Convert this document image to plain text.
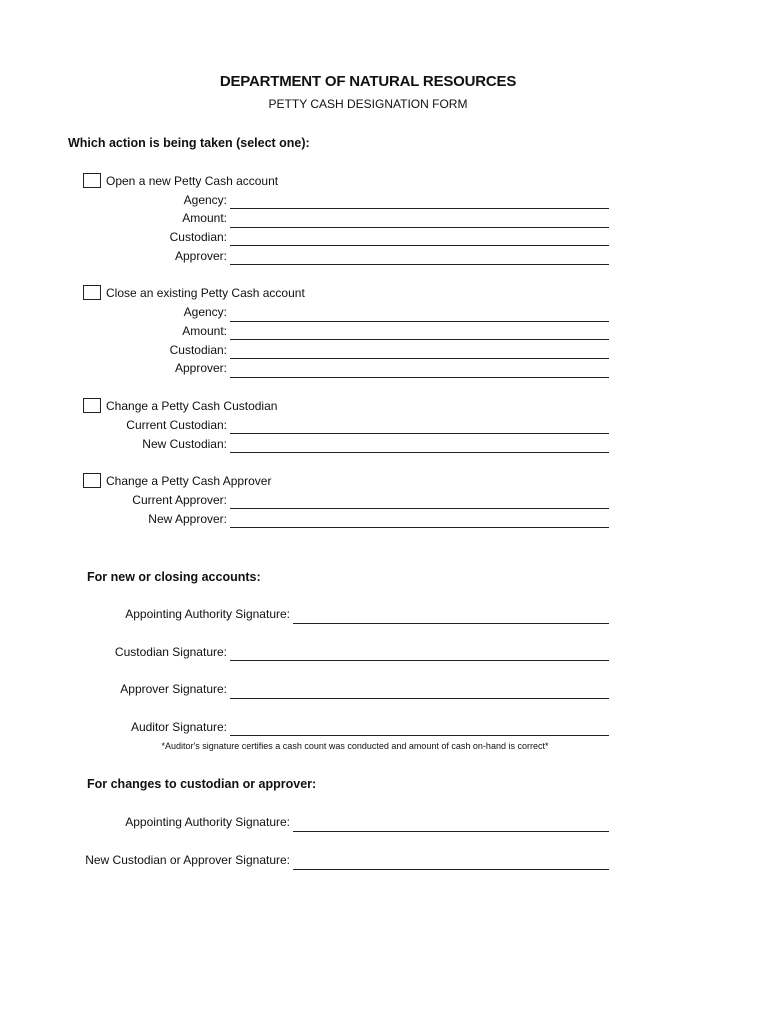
DEPARTMENT OF NATURAL RESOURCES
PETTY CASH DESIGNATION FORM
Which action is being taken (select one):
Open a new Petty Cash account
Agency:
Amount:
Custodian:
Approver:
Close an existing Petty Cash account
Agency:
Amount:
Custodian:
Approver:
Change a Petty Cash Custodian
Current Custodian:
New Custodian:
Change a Petty Cash Approver
Current Approver:
New Approver:
For new or closing accounts:
Appointing Authority Signature:
Custodian Signature:
Approver Signature:
Auditor Signature:
*Auditor's signature certifies a cash count was conducted and amount of cash on-hand is correct*
For changes to custodian or approver:
Appointing Authority Signature:
New Custodian or Approver Signature:
